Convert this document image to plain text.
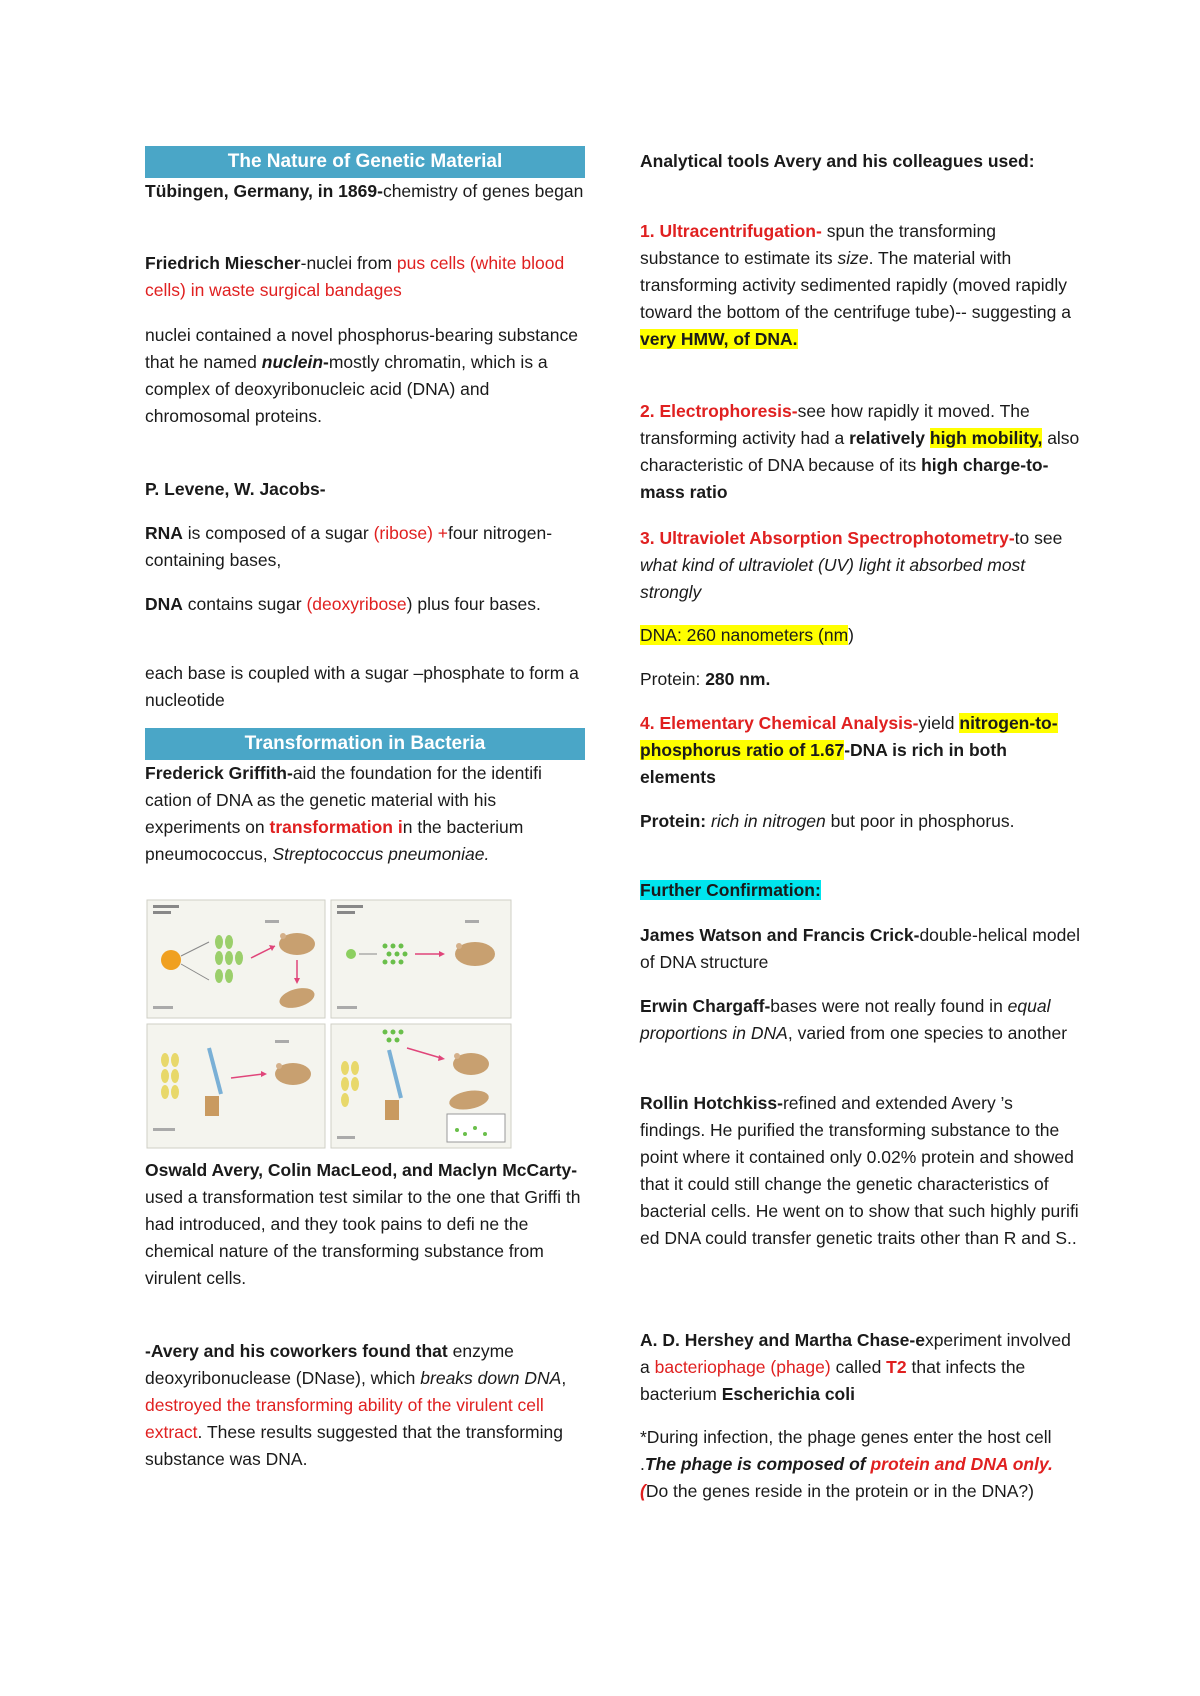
The Nature of Genetic Material
Tübingen, Germany, in 1869-chemistry of genes began
Friedrich Miescher-nuclei from pus cells (white blood cells) in waste surgical bandages
nuclei contained a novel phosphorus-bearing substance that he named nuclein-mostly chromatin, which is a complex of deoxyribonucleic acid (DNA) and chromosomal proteins.
P. Levene, W. Jacobs-
RNA is composed of a sugar (ribose) +four nitrogen-containing bases,
DNA contains sugar (deoxyribose) plus four bases.
each base is coupled with a sugar –phosphate to form a nucleotide
Transformation in Bacteria
Frederick Griffith-aid the foundation for the identifi cation of DNA as the genetic material with his experiments on transformation in the bacterium pneumococcus, Streptococcus pneumoniae.
Oswald Avery, Colin MacLeod, and Maclyn McCarty-used a transformation test similar to the one that Griffi th had introduced, and they took pains to defi ne the chemical nature of the transforming substance from virulent cells.
-Avery and his coworkers found that enzyme deoxyribonuclease (DNase), which breaks down DNA, destroyed the transforming ability of the virulent cell extract. These results suggested that the transforming substance was DNA.
Analytical tools Avery and his colleagues used:
1. Ultracentrifugation- spun the transforming substance to estimate its size. The material with transforming activity sedimented rapidly (moved rapidly toward the bottom of the centrifuge tube)-- suggesting a very HMW, of DNA.
2. Electrophoresis-see how rapidly it moved. The transforming activity had a relatively high mobility, also characteristic of DNA because of its high charge-to-mass ratio
3. Ultraviolet Absorption Spectrophotometry-to see what kind of ultraviolet (UV) light it absorbed most strongly
DNA: 260 nanometers (nm)
Protein: 280 nm.
4. Elementary Chemical Analysis-yield nitrogen-to-phosphorus ratio of 1.67-DNA is rich in both elements
Protein: rich in nitrogen but poor in phosphorus.
Further Confirmation:
James Watson and Francis Crick-double-helical model of DNA structure
Erwin Chargaff-bases were not really found in equal proportions in DNA, varied from one species to another
Rollin Hotchkiss-refined and extended Avery ’s findings. He purified the transforming substance to the point where it contained only 0.02% protein and showed that it could still change the genetic characteristics of bacterial cells. He went on to show that such highly purifi ed DNA could transfer genetic traits other than R and S..
A. D. Hershey and Martha Chase-experiment involved a bacteriophage (phage) called T2 that infects the bacterium Escherichia coli
*During infection, the phage genes enter the host cell .The phage is composed of protein and DNA only.(Do the genes reside in the protein or in the DNA?)
